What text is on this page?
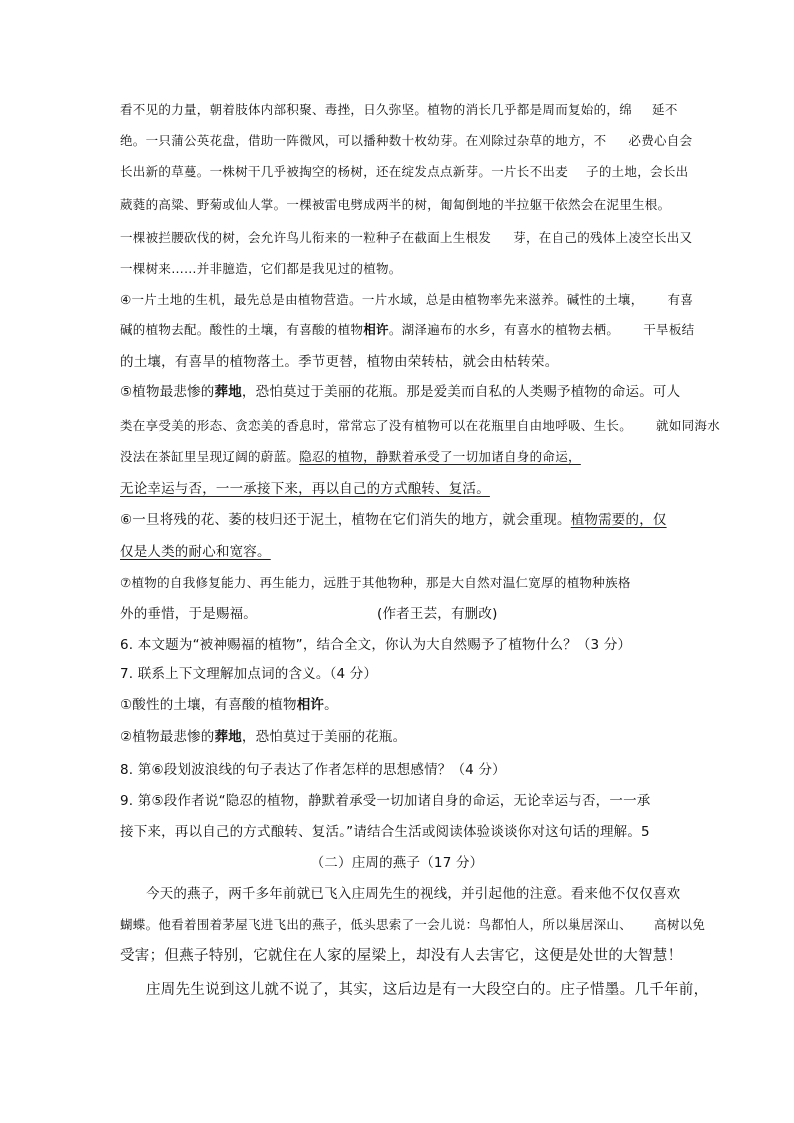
看不见的力量，朝着肢体内部积聚、毒挫，日久弥坚。植物的消长几乎都是周而复始的，绵 延不
绝。一只蒲公英花盘，借助一阵微风，可以播种数十枚幼芽。在刈除过杂草的地方，不 必费心自会
长出新的草蔓。一株树干几乎被掏空的杨树，还在绽发点点新芽。一片长不出麦 子的土地，会长出
葳蕤的高粱、野菊或仙人掌。一棵被雷电劈成两半的树，匍匐倒地的半拉躯干依然会在泥里生根。
一棵被拦腰砍伐的树，会允许鸟儿衔来的一粒种子在截面上生根发 芽，在自己的残体上凌空长出又
一棵树来……并非臆造，它们都是我见过的植物。
④一片土地的生机，最先总是由植物营造。一片水域，总是由植物率先来滋养。碱性的土壤， 有喜
碱的植物去配。酸性的土壤，有喜酸的植物相许。湖泽遍布的水乡，有喜水的植物去栖。 干旱板结
的土壤，有喜旱的植物落土。季节更替，植物由荣转枯，就会由枯转荣。
⑤植物最悲惨的葬地，恐怕莫过于美丽的花瓶。那是爱美而自私的人类赐予植物的命运。可人
类在享受美的形态、贪恋美的香息时，常常忘了没有植物可以在花瓶里自由地呼吸、生长。 就如同海水
没法在茶缸里呈现辽阔的蔚蓝。隐忍的植物，静默着承受了一切加诸自身的命运，
无论幸运与否，一一承接下来，再以自己的方式酿转、复活。
⑥一旦将残的花、萎的枝归还于泥土，植物在它们消失的地方，就会重现。植物需要的，仅
仅是人类的耐心和宽容。
⑦植物的自我修复能力、再生能力，远胜于其他物种，那是大自然对温仁宽厚的植物种族格
外的垂惜，于是赐福。	(作者王芸，有删改)
6. 本文题为“被神赐福的植物”，结合全文，你认为大自然赐予了植物什么？（3 分）
7. 联系上下文理解加点词的含义。（4 分）
①酸性的土壤，有喜酸的植物相许。
②植物最悲惨的葬地，恐怕莫过于美丽的花瓶。
8. 第⑥段划波浪线的句子表达了作者怎样的思想感情？（4 分）
9. 第⑤段作者说“隐忍的植物，静默着承受一切加诸自身的命运，无论幸运与否，一一承
接下来，再以自己的方式酿转、复活。”请结合生活或阅读体验谈谈你对这句话的理解。5
（二）庄周的燕子（17 分）
今天的燕子，两千多年前就已飞入庄周先生的视线，并引起他的注意。看来他不仅仅喜欢
蝴蝶。他看着围着茅屋飞进飞出的燕子，低头思索了一会儿说：鸟都怕人，所以巢居深山、 高树以免
受害；但燕子特别，它就住在人家的屋梁上，却没有人去害它，这便是处世的大智慧！
庄周先生说到这儿就不说了，其实，这后边是有一大段空白的。庄子惜墨。几千年前，
